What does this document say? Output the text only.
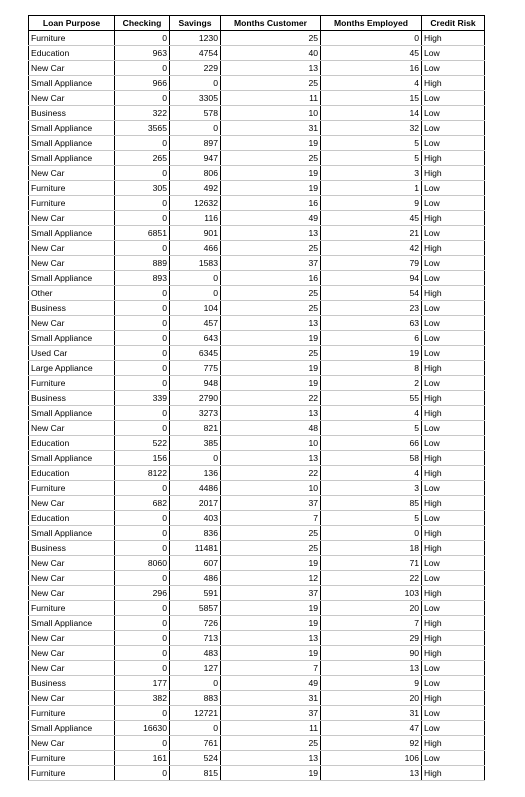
Loan Purpose	Checking	Savings	Months Customer	Months Employed	Credit Risk
Furniture	0	1230	25	0	High
Education	963	4754	40	45	Low
New Car	0	229	13	16	Low
Small Appliance	966	0	25	4	High
New Car	0	3305	11	15	Low
Business	322	578	10	14	Low
Small Appliance	3565	0	31	32	Low
Small Appliance	0	897	19	5	Low
Small Appliance	265	947	25	5	High
New Car	0	806	19	3	High
Furniture	305	492	19	1	Low
Furniture	0	12632	16	9	Low
New Car	0	116	49	45	High
Small Appliance	6851	901	13	21	Low
New Car	0	466	25	42	High
New Car	889	1583	37	79	Low
Small Appliance	893	0	16	94	Low
Other	0	0	25	54	High
Business	0	104	25	23	Low
New Car	0	457	13	63	Low
Small Appliance	0	643	19	6	Low
Used Car	0	6345	25	19	Low
Large Appliance	0	775	19	8	High
Furniture	0	948	19	2	Low
Business	339	2790	22	55	High
Small Appliance	0	3273	13	4	High
New Car	0	821	48	5	Low
Education	522	385	10	66	Low
Small Appliance	156	0	13	58	High
Education	8122	136	22	4	High
Furniture	0	4486	10	3	Low
New Car	682	2017	37	85	High
Education	0	403	7	5	Low
Small Appliance	0	836	25	0	High
Business	0	11481	25	18	High
New Car	8060	607	19	71	Low
New Car	0	486	12	22	Low
New Car	296	591	37	103	High
Furniture	0	5857	19	20	Low
Small Appliance	0	726	19	7	High
New Car	0	713	13	29	High
New Car	0	483	19	90	High
New Car	0	127	7	13	Low
Business	177	0	49	9	Low
New Car	382	883	31	20	High
Furniture	0	12721	37	31	Low
Small Appliance	16630	0	11	47	Low
New Car	0	761	25	92	High
Furniture	161	524	13	106	Low
Furniture	0	815	19	13	High
